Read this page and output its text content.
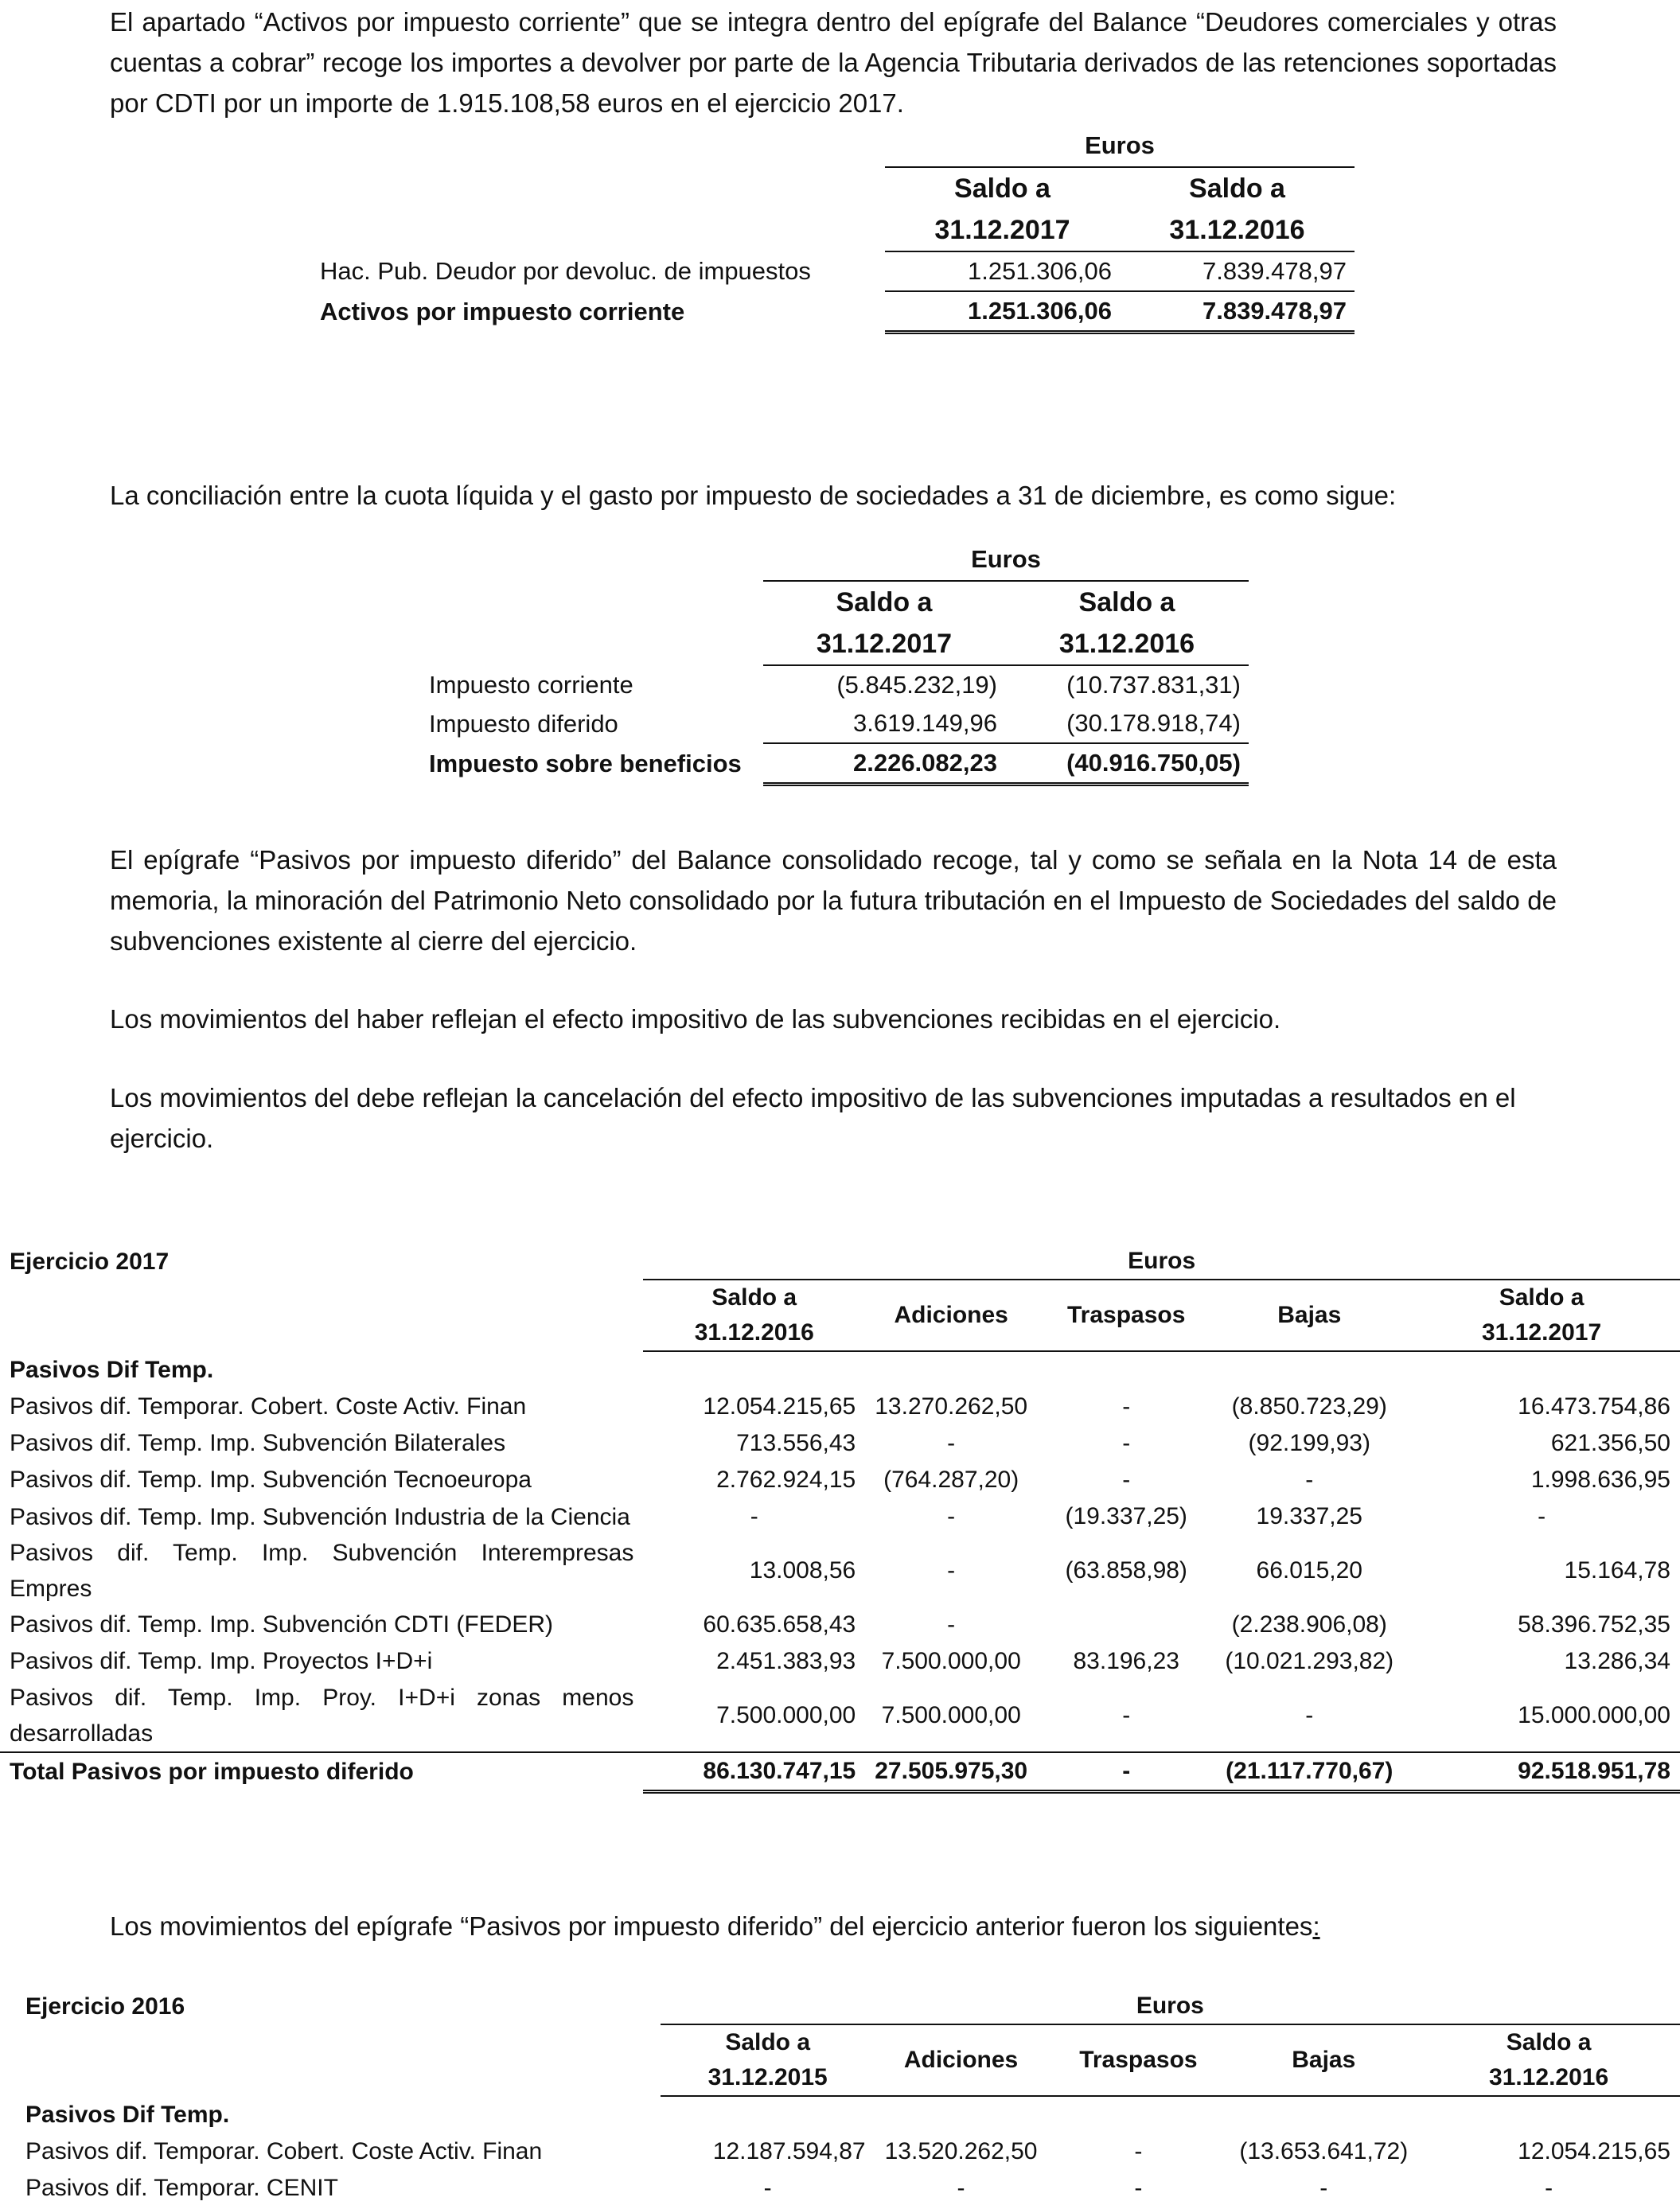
El apartado “Activos por impuesto corriente” que se integra dentro del epígrafe del Balance “Deudores comerciales y otras cuentas a cobrar” recoge los importes a devolver por parte de la Agencia Tributaria derivados de las retenciones soportadas por CDTI por un importe de 1.915.108,58 euros en el ejercicio 2017.

	Euros	
	Saldo a	Saldo a
	31.12.2017	31.12.2016
Hac. Pub. Deudor por devoluc. de impuestos	1.251.306,06	7.839.478,97
Activos por impuesto corriente	1.251.306,06	7.839.478,97

La conciliación entre la cuota líquida y el gasto por impuesto de sociedades a 31 de diciembre, es como sigue:

	Euros	
	Saldo a	Saldo a
	31.12.2017	31.12.2016
Impuesto corriente	(5.845.232,19)	(10.737.831,31)
Impuesto diferido	3.619.149,96	(30.178.918,74)
Impuesto sobre beneficios	2.226.082,23	(40.916.750,05)

El epígrafe “Pasivos por impuesto diferido” del Balance consolidado recoge, tal y como se señala en la Nota 14 de esta memoria, la minoración del Patrimonio Neto consolidado por la futura tributación en el Impuesto de Sociedades del saldo de subvenciones existente al cierre del ejercicio.

Los movimientos del haber reflejan el efecto impositivo de las subvenciones recibidas en el ejercicio.

Los movimientos del debe reflejan la cancelación del efecto impositivo de las subvenciones imputadas a resultados en el ejercicio.

Ejercicio 2017	Euros				
	Saldo a	Adiciones	Traspasos	Bajas	Saldo a
	31.12.2016				31.12.2017
Pasivos Dif Temp.					
Pasivos dif. Temporar. Cobert. Coste Activ. Finan	12.054.215,65	13.270.262,50	-	(8.850.723,29)	16.473.754,86
Pasivos dif. Temp. Imp. Subvención Bilaterales	713.556,43	-	-	(92.199,93)	621.356,50
Pasivos dif. Temp. Imp. Subvención Tecnoeuropa	2.762.924,15	(764.287,20)	-	-	1.998.636,95
Pasivos dif. Temp. Imp. Subvención Industria de la Ciencia	-	-	(19.337,25)	19.337,25	-
Pasivos dif. Temp. Imp. Subvención Interempresas Empres	13.008,56	-	(63.858,98)	66.015,20	15.164,78
Pasivos dif. Temp. Imp. Subvención CDTI (FEDER)	60.635.658,43	-		(2.238.906,08)	58.396.752,35
Pasivos dif. Temp. Imp. Proyectos I+D+i	2.451.383,93	7.500.000,00	83.196,23	(10.021.293,82)	13.286,34
Pasivos dif. Temp. Imp. Proy. I+D+i zonas menos desarrolladas	7.500.000,00	7.500.000,00	-	-	15.000.000,00
Total Pasivos por impuesto diferido	86.130.747,15	27.505.975,30	-	(21.117.770,67)	92.518.951,78

Los movimientos del epígrafe “Pasivos por impuesto diferido” del ejercicio anterior fueron los siguientes:

Ejercicio 2016	Euros				
	Saldo a	Adiciones	Traspasos	Bajas	Saldo a
	31.12.2015				31.12.2016
Pasivos Dif Temp.					
Pasivos dif. Temporar. Cobert. Coste Activ. Finan	12.187.594,87	13.520.262,50	-	(13.653.641,72)	12.054.215,65
Pasivos dif. Temporar. CENIT	-	-	-	-	-
